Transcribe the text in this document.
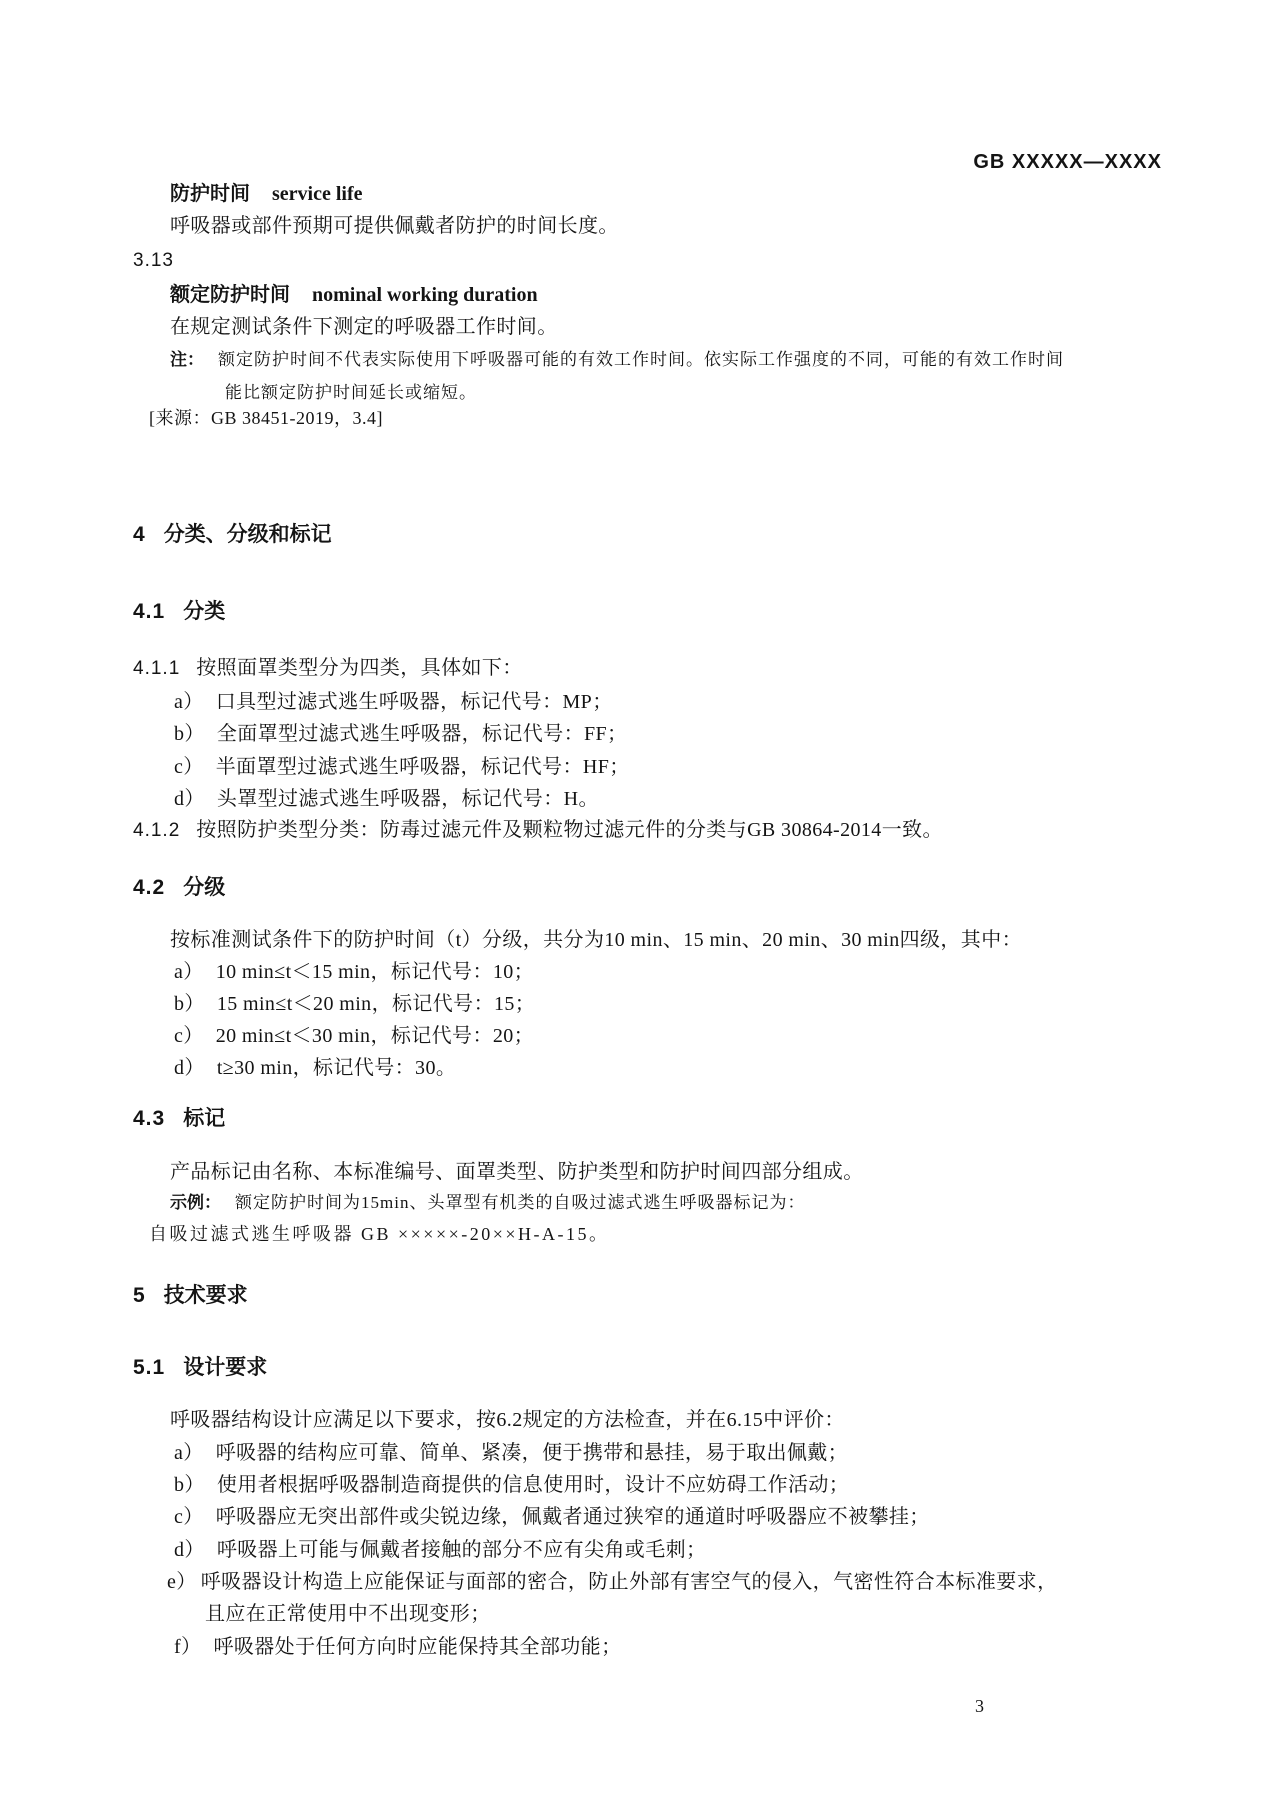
GB XXXXX—XXXX
防护时间 service life
呼吸器或部件预期可提供佩戴者防护的时间长度。
3.13
额定防护时间 nominal working duration
在规定测试条件下测定的呼吸器工作时间。
注： 额定防护时间不代表实际使用下呼吸器可能的有效工作时间。依实际工作强度的不同，可能的有效工作时间
能比额定防护时间延长或缩短。
[来源：GB 38451-2019，3.4]
4 分类、分级和标记
4.1 分类
4.1.1 按照面罩类型分为四类，具体如下：
a） 口具型过滤式逃生呼吸器，标记代号：MP；
b） 全面罩型过滤式逃生呼吸器，标记代号：FF；
c） 半面罩型过滤式逃生呼吸器，标记代号：HF；
d） 头罩型过滤式逃生呼吸器，标记代号：H。
4.1.2 按照防护类型分类：防毒过滤元件及颗粒物过滤元件的分类与GB 30864-2014一致。
4.2 分级
按标准测试条件下的防护时间（t）分级，共分为10 min、15 min、20 min、30 min四级，其中：
a） 10 min≤t＜15 min，标记代号：10；
b） 15 min≤t＜20 min，标记代号：15；
c） 20 min≤t＜30 min，标记代号：20；
d） t≥30 min，标记代号：30。
4.3 标记
产品标记由名称、本标准编号、面罩类型、防护类型和防护时间四部分组成。
示例： 额定防护时间为15min、头罩型有机类的自吸过滤式逃生呼吸器标记为：
自吸过滤式逃生呼吸器 GB ×××××-20××H-A-15。
5 技术要求
5.1 设计要求
呼吸器结构设计应满足以下要求，按6.2规定的方法检查，并在6.15中评价：
a） 呼吸器的结构应可靠、简单、紧凑，便于携带和悬挂，易于取出佩戴；
b） 使用者根据呼吸器制造商提供的信息使用时，设计不应妨碍工作活动；
c） 呼吸器应无突出部件或尖锐边缘，佩戴者通过狭窄的通道时呼吸器应不被攀挂；
d） 呼吸器上可能与佩戴者接触的部分不应有尖角或毛刺；
e） 呼吸器设计构造上应能保证与面部的密合，防止外部有害空气的侵入，气密性符合本标准要求，
且应在正常使用中不出现变形；
f） 呼吸器处于任何方向时应能保持其全部功能；
3
